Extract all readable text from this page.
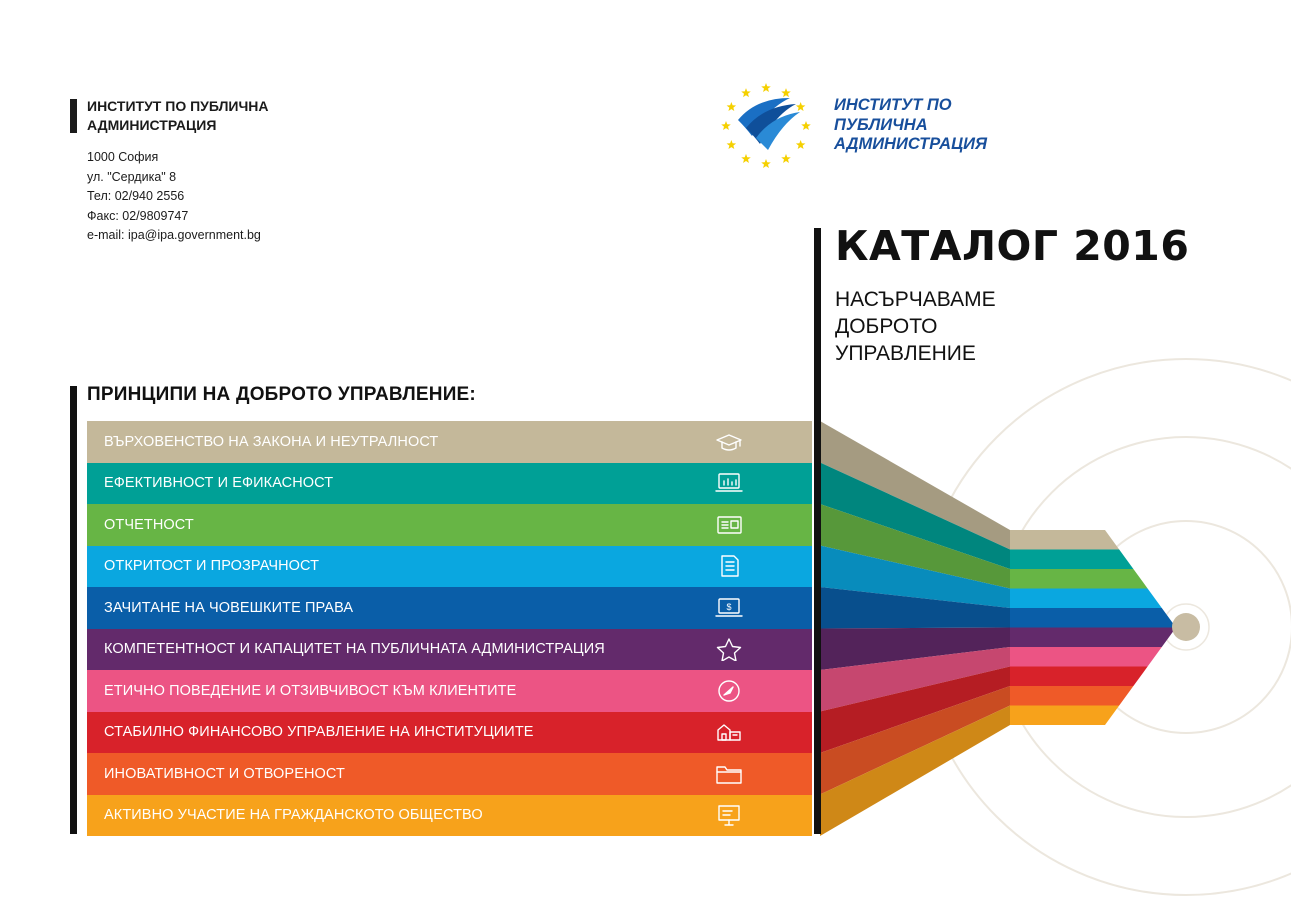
ИНСТИТУТ ПО ПУБЛИЧНА
АДМИНИСТРАЦИЯ
1000 София
ул. "Сердика" 8
Тел: 02/940 2556
Факс: 02/9809747
e-mail: ipa@ipa.government.bg
ИНСТИТУТ ПО
ПУБЛИЧНА
АДМИНИСТРАЦИЯ
КАТАЛОГ 2016
НАСЪРЧАВАМЕ
ДОБРОТО
УПРАВЛЕНИЕ
ПРИНЦИПИ НА ДОБРОТО УПРАВЛЕНИЕ:
ВЪРХОВЕНСТВО НА ЗАКОНА И НЕУТРАЛНОСТ
ЕФЕКТИВНОСТ И ЕФИКАСНОСТ
ОТЧЕТНОСТ
ОТКРИТОСТ И ПРОЗРАЧНОСТ
ЗАЧИТАНЕ НА ЧОВЕШКИТЕ ПРАВА	$
КОМПЕТЕНТНОСТ И КАПАЦИТЕТ НА ПУБЛИЧНАТА АДМИНИСТРАЦИЯ
ЕТИЧНО ПОВЕДЕНИЕ И ОТЗИВЧИВОСТ КЪМ КЛИЕНТИТЕ
СТАБИЛНО ФИНАНСОВО УПРАВЛЕНИЕ НА ИНСТИТУЦИИТЕ
ИНОВАТИВНОСТ И ОТВОРЕНОСТ
АКТИВНО УЧАСТИЕ НА ГРАЖДАНСКОТО ОБЩЕСТВО
